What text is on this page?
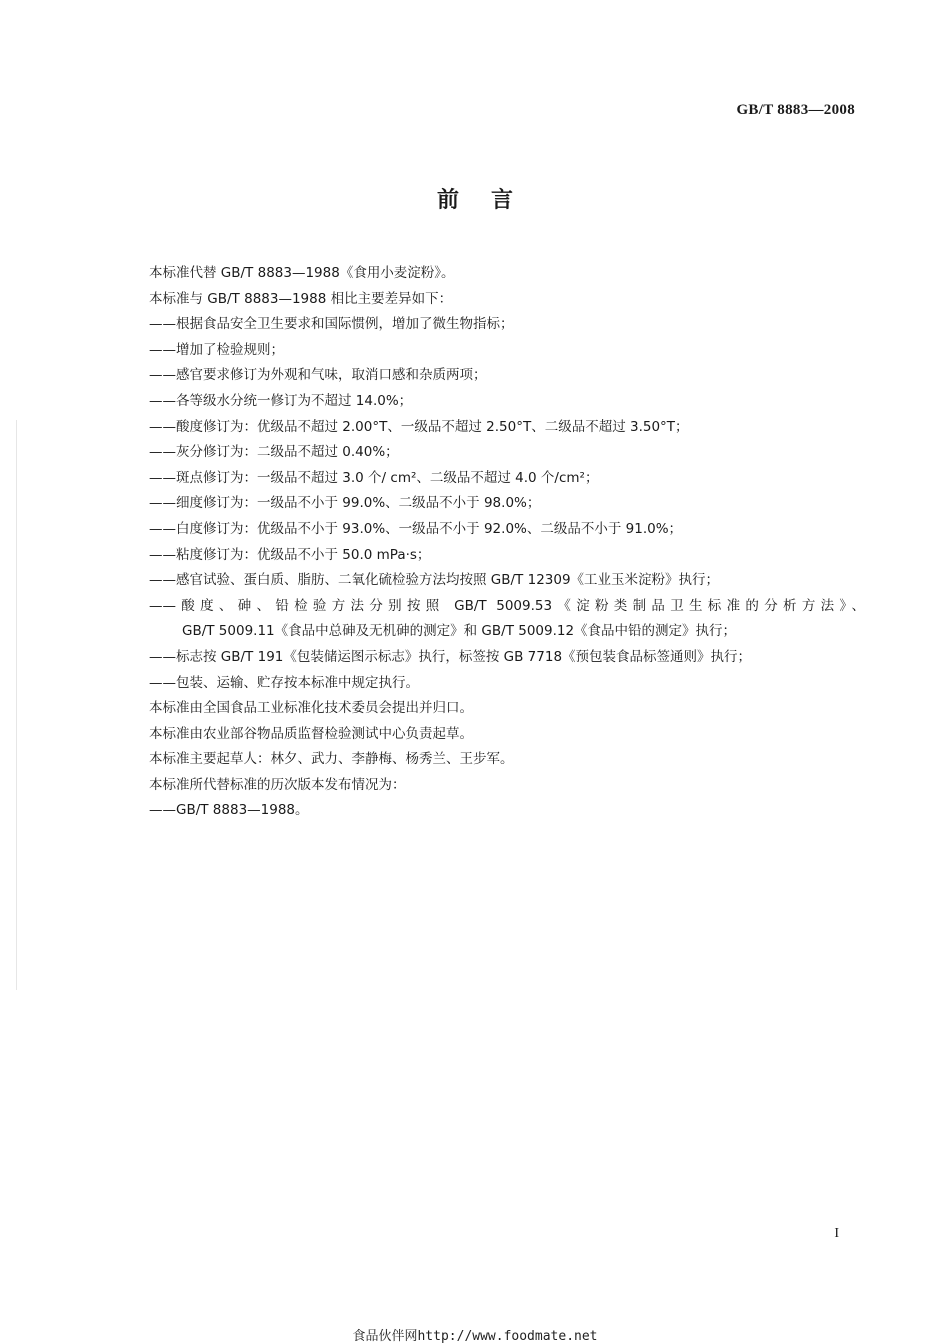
GB/T 8883—2008
前言
本标准代替 GB/T 8883—1988《食用小麦淀粉》。
本标准与 GB/T 8883—1988 相比主要差异如下：
——根据食品安全卫生要求和国际惯例，增加了微生物指标；
——增加了检验规则；
——感官要求修订为外观和气味，取消口感和杂质两项；
——各等级水分统一修订为不超过 14.0%；
——酸度修订为：优级品不超过 2.00°T、一级品不超过 2.50°T、二级品不超过 3.50°T；
——灰分修订为：二级品不超过 0.40%；
——斑点修订为：一级品不超过 3.0 个/ cm²、二级品不超过 4.0 个/cm²；
——细度修订为：一级品不小于 99.0%、二级品不小于 98.0%；
——白度修订为：优级品不小于 93.0%、一级品不小于 92.0%、二级品不小于 91.0%；
——粘度修订为：优级品不小于 50.0 mPa·s；
——感官试验、蛋白质、脂肪、二氧化硫检验方法均按照 GB/T 12309《工业玉米淀粉》执行；
——酸度、砷、铅检验方法分别按照 GB/T 5009.53《淀粉类制品卫生标准的分析方法》、
GB/T 5009.11《食品中总砷及无机砷的测定》和 GB/T 5009.12《食品中铅的测定》执行；
——标志按 GB/T 191《包装储运图示标志》执行，标签按 GB 7718《预包装食品标签通则》执行；
——包装、运输、贮存按本标准中规定执行。
本标准由全国食品工业标准化技术委员会提出并归口。
本标准由农业部谷物品质监督检验测试中心负责起草。
本标准主要起草人：林夕、武力、李静梅、杨秀兰、王步军。
本标准所代替标准的历次版本发布情况为：
——GB/T 8883—1988。
I
食品伙伴网http://www.foodmate.net
